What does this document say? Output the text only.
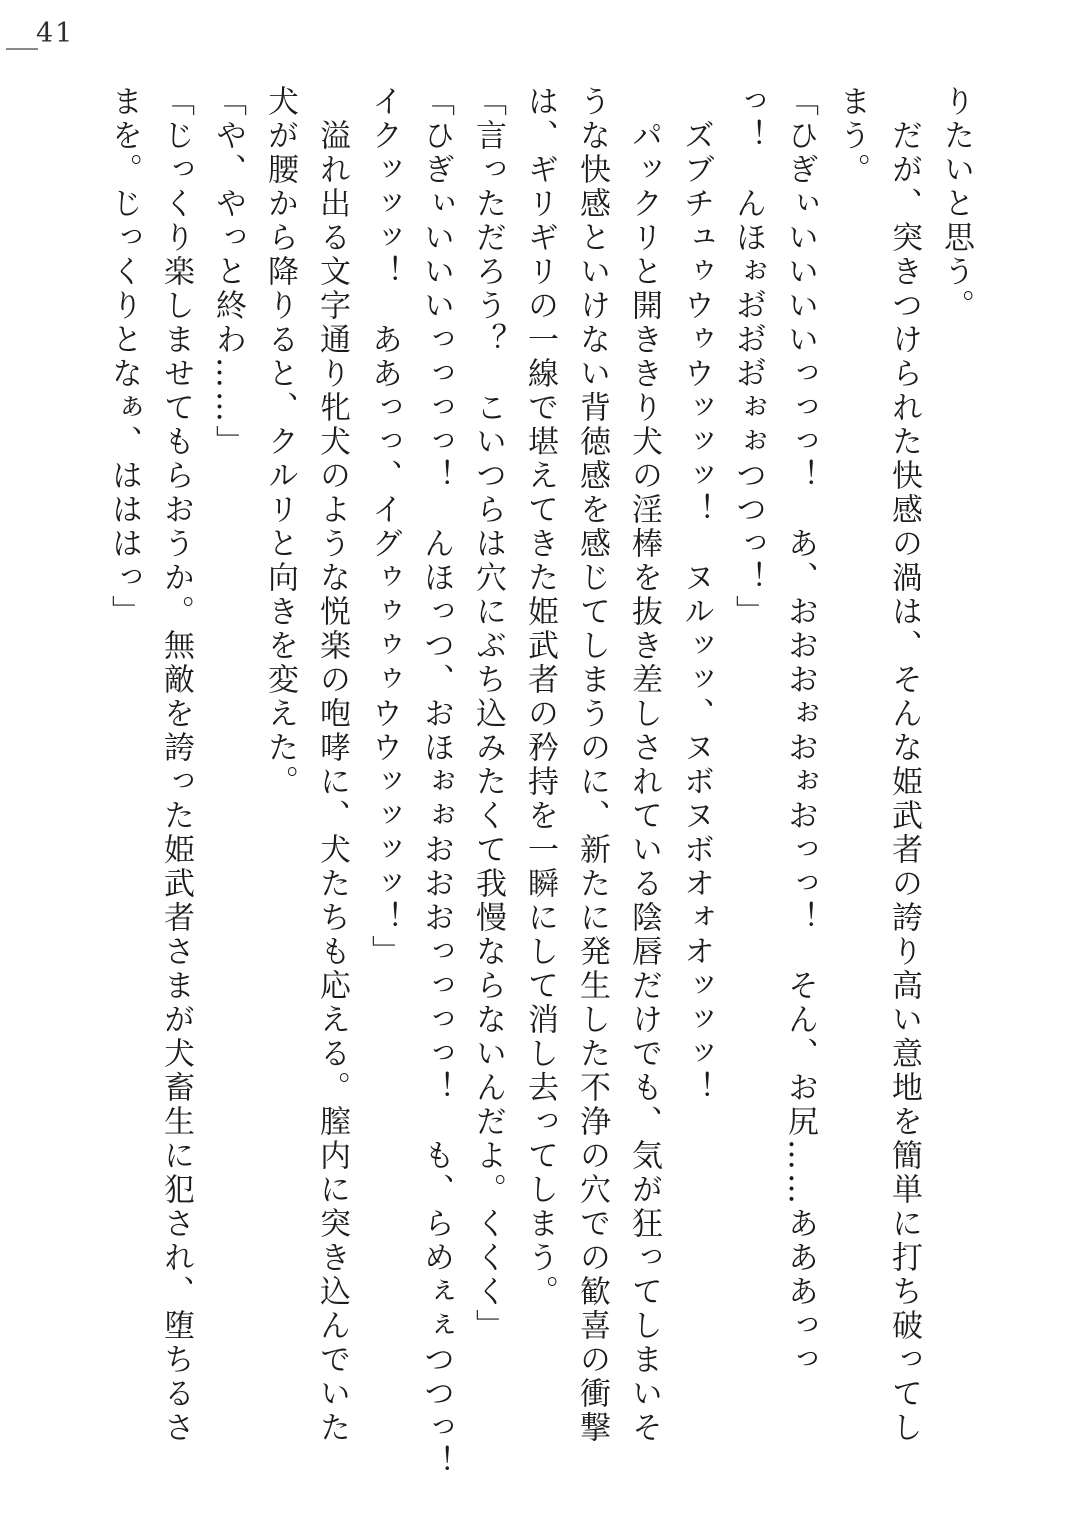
41

りたいと思う。

だが、突きつけられた快感の渦は、そんな姫武者の誇り高い意地を簡単に打ち破ってし

まう。

「ひぎぃいいいいっっっ！　あ、おおおぉおぉおっっ！　そん、お尻……あああっっ

っ！　んほぉお゙お゙お゙ぉぉつつっ！」

ズブチュゥウゥウッッッ！　ヌルッッ、ヌボヌボオォオッッッ！

パックリと開ききり犬の淫棒を抜き差しされている陰唇だけでも、気が狂ってしまいそ

うな快感といけない背徳感を感じてしまうのに、新たに発生した不浄の穴での歓喜の衝撃

は、ギリギリの一線で堪えてきた姫武者の矜持を一瞬にして消し去ってしまう。

「言っただろう？　こいつらは穴にぶち込みたくて我慢ならないんだよ。くくく」

「ひぎぃいいいっっっっ！　んほっつ、おほぉぉおおおっっっっ！　も、らめぇぇつつっ！

イクッッッ！　ああっっ、イグゥゥゥゥウウッッッッ！」

溢れ出る文字通り牝犬のような悦楽の咆哮に、犬たちも応える。膣内に突き込んでいた

犬が腰から降りると、クルリと向きを変えた。

「や、やっと終わ……」

「じっくり楽しませてもらおうか。無敵を誇った姫武者さまが犬畜生に犯され、堕ちるさ

まを。じっくりとなぁ、はははっ」
